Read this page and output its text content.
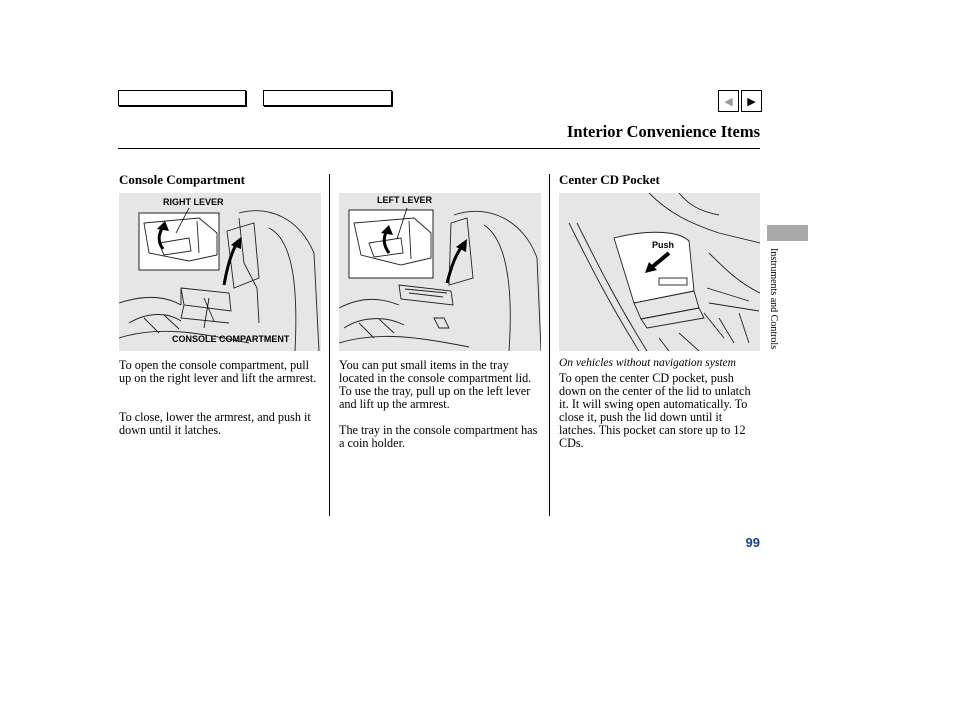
◀ ▶
Interior Convenience Items
Console Compartment
RIGHT LEVER
CONSOLE COMPARTMENT

To open the console compartment, pull up on the right lever and lift the armrest.

To close, lower the armrest, and push it down until it latches.

LEFT LEVER

You can put small items in the tray located in the console compartment lid. To use the tray, pull up on the left lever and lift up the armrest.

The tray in the console compartment has a coin holder.

Center CD Pocket
Push
On vehicles without navigation system

To open the center CD pocket, push down on the center of the lid to unlatch it. It will swing open automatically. To close it, push the lid down until it latches. This pocket can store up to 12 CDs.

Instruments and Controls
99
